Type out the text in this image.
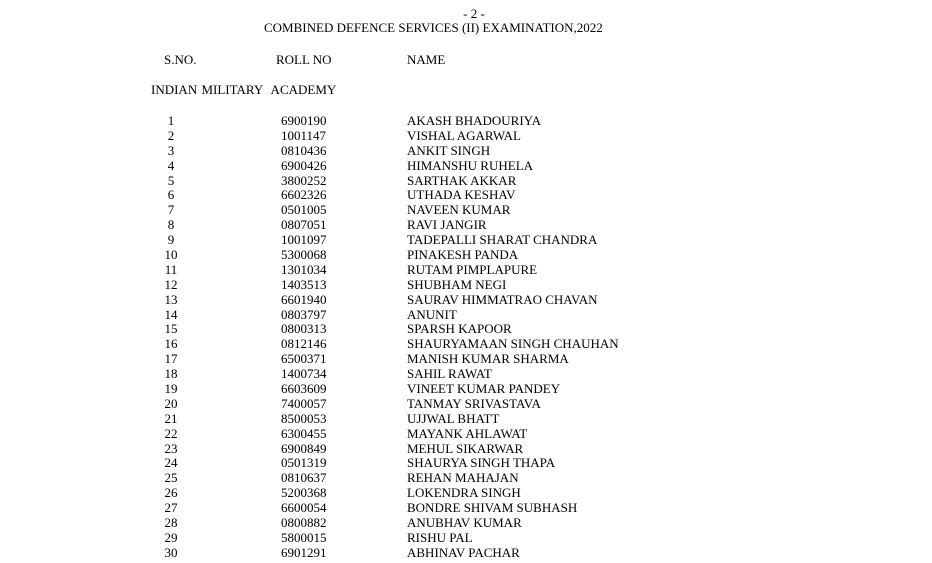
- 2 -
COMBINED DEFENCE SERVICES (II) EXAMINATION,2022
S.NO.	ROLL NO	NAME
INDIAN MILITARY  ACADEMY
1	6900190	AKASH BHADOURIYA
2	1001147	VISHAL AGARWAL
3	0810436	ANKIT SINGH
4	6900426	HIMANSHU RUHELA
5	3800252	SARTHAK AKKAR
6	6602326	UTHADA KESHAV
7	0501005	NAVEEN KUMAR
8	0807051	RAVI JANGIR
9	1001097	TADEPALLI SHARAT CHANDRA
10	5300068	PINAKESH PANDA
11	1301034	RUTAM PIMPLAPURE
12	1403513	SHUBHAM NEGI
13	6601940	SAURAV HIMMATRAO CHAVAN
14	0803797	ANUNIT
15	0800313	SPARSH KAPOOR
16	0812146	SHAURYAMAAN SINGH CHAUHAN
17	6500371	MANISH KUMAR SHARMA
18	1400734	SAHIL RAWAT
19	6603609	VINEET KUMAR PANDEY
20	7400057	TANMAY SRIVASTAVA
21	8500053	UJJWAL BHATT
22	6300455	MAYANK AHLAWAT
23	6900849	MEHUL SIKARWAR
24	0501319	SHAURYA SINGH THAPA
25	0810637	REHAN MAHAJAN
26	5200368	LOKENDRA SINGH
27	6600054	BONDRE SHIVAM SUBHASH
28	0800882	ANUBHAV KUMAR
29	5800015	RISHU PAL
30	6901291	ABHINAV PACHAR
